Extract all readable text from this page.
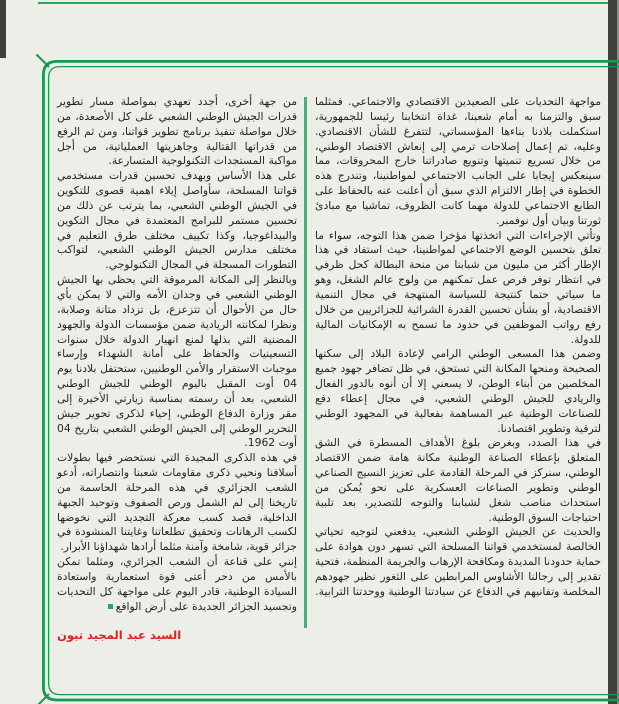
مواجهة التحديات على الصعيدين الاقتصادي والاجتماعي. فمثلما سبق والتزمنا به أمام شعبنا، غداة انتخابنا رئيسا للجمهورية، استكملت بلادنا بناءها المؤسساتي، لتتفرغ للشأن الاقتصادي. وعليه، تم إعمال إصلاحات ترمي إلى إنعاش الاقتصاد الوطني، من خلال تسريع تنميتها وتنويع صادراتنا خارج المحروقات، مما سينعكس إيجابا على الجانب الاجتماعي لمواطنينا، وتندرج هذه الخطوة في إطار الالتزام الذي سبق أن أعلنت عنه بالحفاظ على الطابع الاجتماعي للدولة مهما كانت الظروف، تماشيا مع مبادئ ثورتنا وبيان أول نوفمبر.

وتأتي الإجراءات التي اتخذتها مؤخرا ضمن هذا التوجه، سواء ما تعلق بتحسين الوضع الاجتماعي لمواطنينا، حيث استفاد في هذا الإطار أكثر من مليون من شبابنا من منحة البطالة كحل ظرفي في انتظار توفر فرص عمل تمكنهم من ولوج عالم الشغل، وهو ما سياتي حتما كنتيجة للسياسة المنتهجة في مجال التنمية الاقتصادية، أو بشأن تحسين القدرة الشرائية للجزائريين من خلال رفع رواتب الموظفين في حدود ما تسمح به الإمكانيات المالية للدولة.

وضمن هذا المسعى الوطني الرامي لإعادة البلاد إلى سكتها الصحيحة ومنحها المكانة التي تستحق، في ظل تضافر جهود جميع المخلصين من أبناء الوطن، لا يسعني إلا أن أنوه بالدور الفعال والريادي للجيش الوطني الشعبي، في مجال إعطاء دفع للصناعات الوطنية عبر المساهمة بفعالية في المجهود الوطني لترقية وتطوير اقتصادنا.

في هذا الصدد، وبغرض بلوغ الأهداف المسطرة في الشق المتعلق بإعطاء الصناعة الوطنية مكانة هامة ضمن الاقتصاد الوطني، سنركز في المرحلة القادمة على تعزيز النسيج الصناعي الوطني وتطوير الصناعات العسكرية على نحو يُمكن من استحداث مناصب شغل لشبابنا والتوجه للتصدير، بعد تلبية احتياجات السوق الوطنية.

والحديث عن الجيش الوطني الشعبي، يدفعني لتوجيه تحياتي الخالصة لمستخدمي قواتنا المسلحة التي تسهر دون هوادة على حماية حدودنا المديدة ومكافحة الإرهاب والجريمة المنظمة، فتحية تقدير إلى رجالنا الأشاوس المرابطين على الثغور نظير جهودهم المخلصة وتفانيهم في الدفاع عن سيادتنا الوطنية ووحدتنا الترابية.

من جهة أخرى، أجدد تعهدي بمواصلة مسار تطوير قدرات الجيش الوطني الشعبي على كل الأصعدة، من خلال مواصلة تنفيذ برنامج تطوير قواتنا، ومن ثم الرفع من قدراتها القتالية وجاهزيتها العملياتية، من أجل مواكبة المستجدات التكنولوجية المتسارعة.

على هذا الأساس وبهدف تحسين قدرات مستخدمي قواتنا المسلحة، سأواصل إيلاء اهمية قصوى للتكوين في الجيش الوطني الشعبي، بما يترتب عن ذلك من تحسين مستمر للبرامج المعتمدة في مجال التكوين والبيداغوجيا، وكذا تكييف مختلف طرق التعليم في مختلف مدارس الجيش الوطني الشعبي، لتواكب التطورات المسجلة في المجال التكنولوجي.

وبالنظر إلى المكانة المرموقة التي يحظى بها الجيش الوطني الشعبي في وجدان الأمه والتي لا يمكن بأي حال من الأحوال أن تتزعزع، بل تزداد متانة وصلابة، ونظرا لمكانته الريادية ضمن مؤسسات الدولة والجهود المضنية التي بذلها لمنع انهيار الدولة خلال سنوات التسعينيات والحفاظ على أمانة الشهداء وإرساء موجبات الاستقرار والأمن الوطنيين، ستحتفل بلادنا يوم 04 أوت المقبل باليوم الوطني للجيش الوطني الشعبي، بعد أن رسمته بمناسبة زيارتي الأخيرة إلى مقر وزارة الدفاع الوطني، إحياء لذكرى تحوير جيش التحرير الوطني إلى الجيش الوطني الشعبي بتاريخ 04 أوت 1962.

في هذه الذكرى المجيدة التي نستحضر فيها بطولات أسلافنا ونحيي ذكرى مقاومات شعبنا وانتصاراته، أدعو الشعب الجزائري في هذه المرحلة الحاسمة من تاريخنا إلى لم الشمل ورص الصفوف وتوحيد الجبهة الداخلية، قصد كسب معركة التجديد التي نخوضها لكسب الرهانات وتحقيق تطلعاتنا وغايتنا المنشودة في جزائر قوية، شامخة وآمنة مثلما أرادها شهداؤنا الأبرار.

إنني على قناعة أن الشعب الجزائري، ومثلما تمكن بالأمس من دحر أعتى قوة استعمارية واستعادة السيادة الوطنية، قادر اليوم على مواجهة كل التحديات وتجسيد الجزائر الجديدة على أرض الواقع

السيد عبد المجيد تبون
